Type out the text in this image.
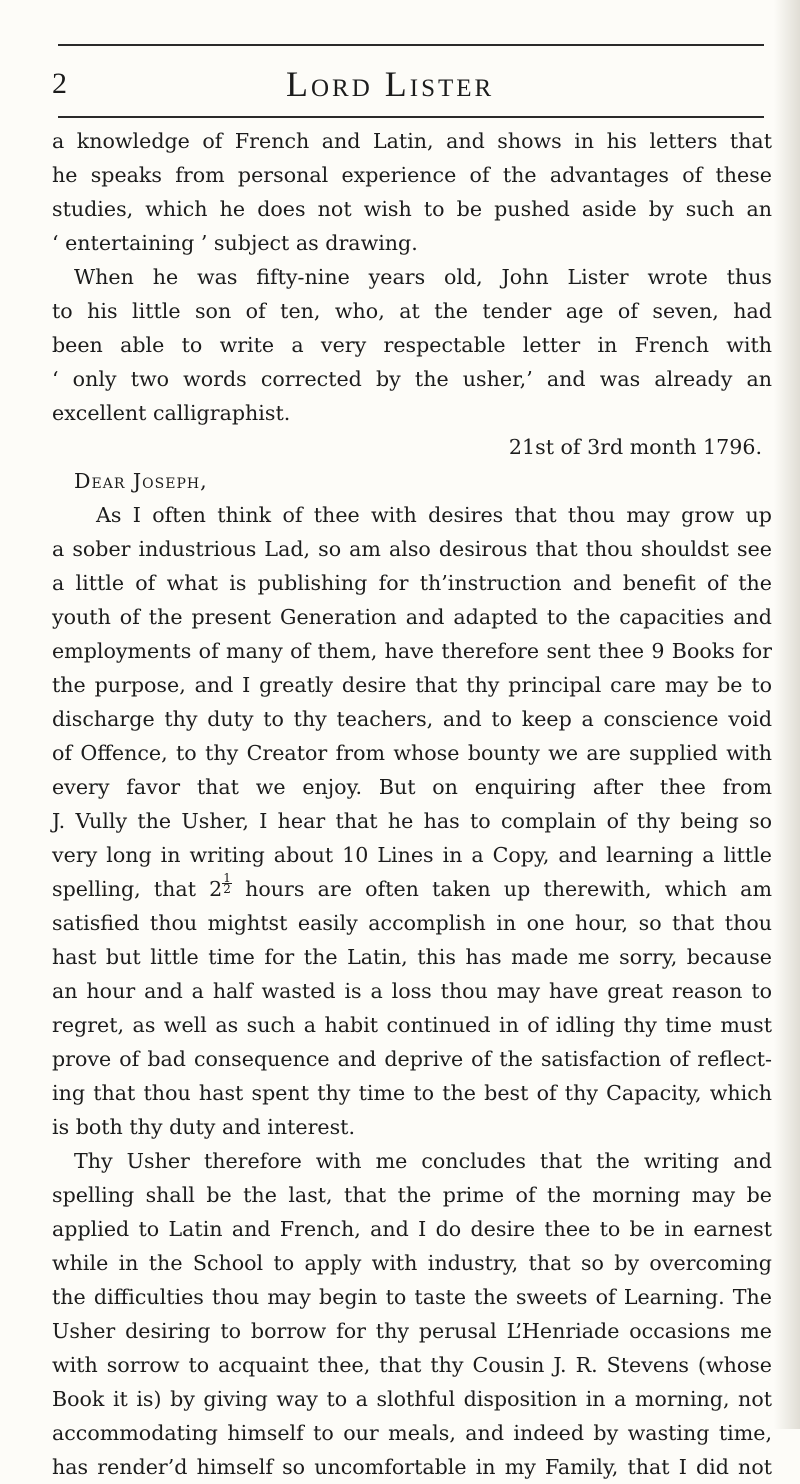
2	Lord Lister
a knowledge of French and Latin, and shows in his letters that
he speaks from personal experience of the advantages of these
studies, which he does not wish to be pushed aside by such an
‘ entertaining ’ subject as drawing.
When he was fifty-nine years old, John Lister wrote thus
to his little son of ten, who, at the tender age of seven, had
been able to write a very respectable letter in French with
‘ only two words corrected by the usher,’ and was already an
excellent calligraphist.
21st of 3rd month 1796.
Dear Joseph,
As I often think of thee with desires that thou may grow up
a sober industrious Lad, so am also desirous that thou shouldst see
a little of what is publishing for th’instruction and benefit of the
youth of the present Generation and adapted to the capacities and
employments of many of them, have therefore sent thee 9 Books for
the purpose, and I greatly desire that thy principal care may be to
discharge thy duty to thy teachers, and to keep a conscience void
of Offence, to thy Creator from whose bounty we are supplied with
every favor that we enjoy. But on enquiring after thee from
J. Vully the Usher, I hear that he has to complain of thy being so
very long in writing about 10 Lines in a Copy, and learning a little
spelling, that $2 \frac{1}{2}$ hours are often taken up therewith, which am
satisfied thou mightst easily accomplish in one hour, so that thou
hast but little time for the Latin, this has made me sorry, because
an hour and a half wasted is a loss thou may have great reason to
regret, as well as such a habit continued in of idling thy time must
prove of bad consequence and deprive of the satisfaction of reflect-
ing that thou hast spent thy time to the best of thy Capacity, which
is both thy duty and interest.
Thy Usher therefore with me concludes that the writing and
spelling shall be the last, that the prime of the morning may be
applied to Latin and French, and I do desire thee to be in earnest
while in the School to apply with industry, that so by overcoming
the difficulties thou may begin to taste the sweets of Learning. The
Usher desiring to borrow for thy perusal L’Henriade occasions me
with sorrow to acquaint thee, that thy Cousin J. R. Stevens (whose
Book it is) by giving way to a slothful disposition in a morning, not
accommodating himself to our meals, and indeed by wasting time,
has render’d himself so uncomfortable in my Family, that I did not
